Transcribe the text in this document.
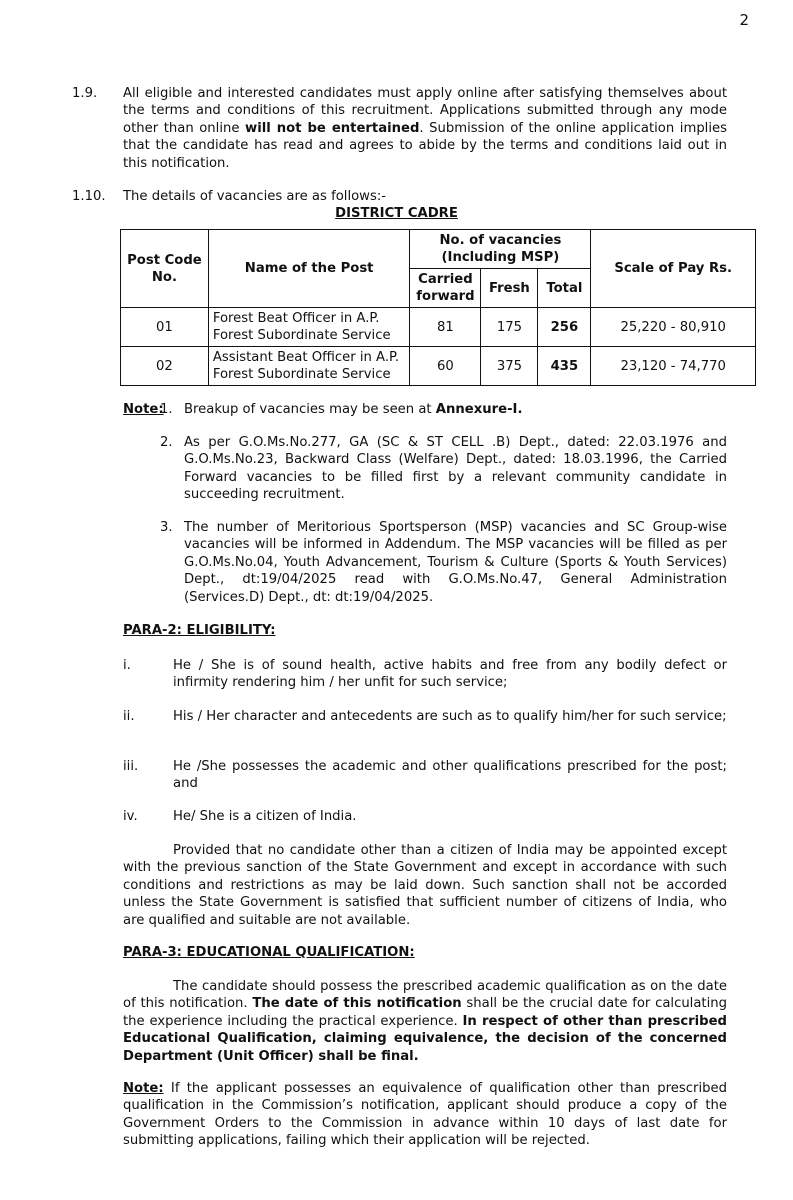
2
1.9. All eligible and interested candidates must apply online after satisfying themselves about the terms and conditions of this recruitment. Applications submitted through any mode other than online will not be entertained. Submission of the online application implies that the candidate has read and agrees to abide by the terms and conditions laid out in this notification.
1.10. The details of vacancies are as follows:-
DISTRICT CADRE
Post Code No.	Name of the Post	No. of vacancies (Including MSP)			Scale of Pay Rs.
		Carried forward	Fresh	Total	
01	Forest Beat Officer in A.P. Forest Subordinate Service	81	175	256	25,220 - 80,910
02	Assistant Beat Officer in A.P. Forest Subordinate Service	60	375	435	23,120 - 74,770
Note:
1. Breakup of vacancies may be seen at Annexure-I.
2. As per G.O.Ms.No.277, GA (SC & ST CELL .B) Dept., dated: 22.03.1976 and G.O.Ms.No.23, Backward Class (Welfare) Dept., dated: 18.03.1996, the Carried Forward vacancies to be filled first by a relevant community candidate in succeeding recruitment.
3. The number of Meritorious Sportsperson (MSP) vacancies and SC Group-wise vacancies will be informed in Addendum. The MSP vacancies will be filled as per G.O.Ms.No.04, Youth Advancement, Tourism & Culture (Sports & Youth Services) Dept., dt:19/04/2025 read with G.O.Ms.No.47, General Administration (Services.D) Dept., dt: dt:19/04/2025.
PARA-2: ELIGIBILITY:
i.	He / She is of sound health, active habits and free from any bodily defect or infirmity rendering him / her unfit for such service;
ii.	His / Her character and antecedents are such as to qualify him/her for such service;
iii.	He /She possesses the academic and other qualifications prescribed for the post; and
iv.	He/ She is a citizen of India.
Provided that no candidate other than a citizen of India may be appointed except with the previous sanction of the State Government and except in accordance with such conditions and restrictions as may be laid down. Such sanction shall not be accorded unless the State Government is satisfied that sufficient number of citizens of India, who are qualified and suitable are not available.
PARA-3: EDUCATIONAL QUALIFICATION:
The candidate should possess the prescribed academic qualification as on the date of this notification. The date of this notification shall be the crucial date for calculating the experience including the practical experience. In respect of other than prescribed Educational Qualification, claiming equivalence, the decision of the concerned Department (Unit Officer) shall be final.
Note: If the applicant possesses an equivalence of qualification other than prescribed qualification in the Commission’s notification, applicant should produce a copy of the Government Orders to the Commission in advance within 10 days of last date for submitting applications, failing which their application will be rejected.
